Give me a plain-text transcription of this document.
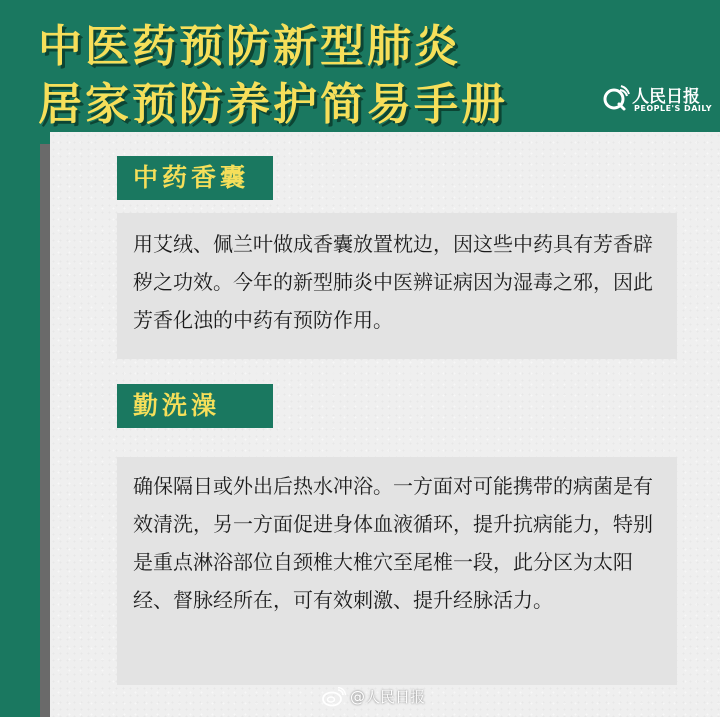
中医药预防新型肺炎
居家预防养护简易手册	人民日报
PEOPLE'S DAILY
中药香囊

用艾绒、佩兰叶做成香囊放置枕边，因这些中药具有芳香辟秽之功效。今年的新型肺炎中医辨证病因为湿毒之邪，因此芳香化浊的中药有预防作用。

勤洗澡

确保隔日或外出后热水冲浴。一方面对可能携带的病菌是有效清洗，另一方面促进身体血液循环，提升抗病能力，特别是重点淋浴部位自颈椎大椎穴至尾椎一段，此分区为太阳经、督脉经所在，可有效刺激、提升经脉活力。

@人民日报
